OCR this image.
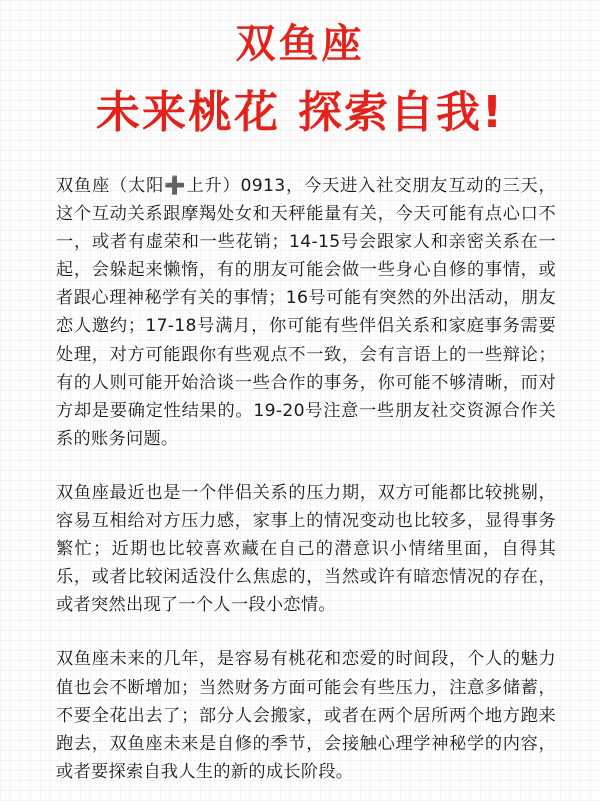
双鱼座
未来桃花 探索自我!

双鱼座（太阳➕上升）0913，今天进入社交朋友互动的三天，这个互动关系跟摩羯处女和天秤能量有关，今天可能有点心口不一，或者有虚荣和一些花销；14-15号会跟家人和亲密关系在一起，会躲起来懒惰，有的朋友可能会做一些身心自修的事情，或者跟心理神秘学有关的事情；16号可能有突然的外出活动，朋友恋人邀约；17-18号满月，你可能有些伴侣关系和家庭事务需要处理，对方可能跟你有些观点不一致，会有言语上的一些辩论；有的人则可能开始洽谈一些合作的事务，你可能不够清晰，而对方却是要确定性结果的。19-20号注意一些朋友社交资源合作关系的账务问题。

双鱼座最近也是一个伴侣关系的压力期，双方可能都比较挑剔，容易互相给对方压力感，家事上的情况变动也比较多，显得事务繁忙；近期也比较喜欢藏在自己的潜意识小情绪里面，自得其乐，或者比较闲适没什么焦虑的，当然或许有暗恋情况的存在，或者突然出现了一个人一段小恋情。

双鱼座未来的几年，是容易有桃花和恋爱的时间段，个人的魅力值也会不断增加；当然财务方面可能会有些压力，注意多储蓄，不要全花出去了；部分人会搬家，或者在两个居所两个地方跑来跑去，双鱼座未来是自修的季节，会接触心理学神秘学的内容，或者要探索自我人生的新的成长阶段。
